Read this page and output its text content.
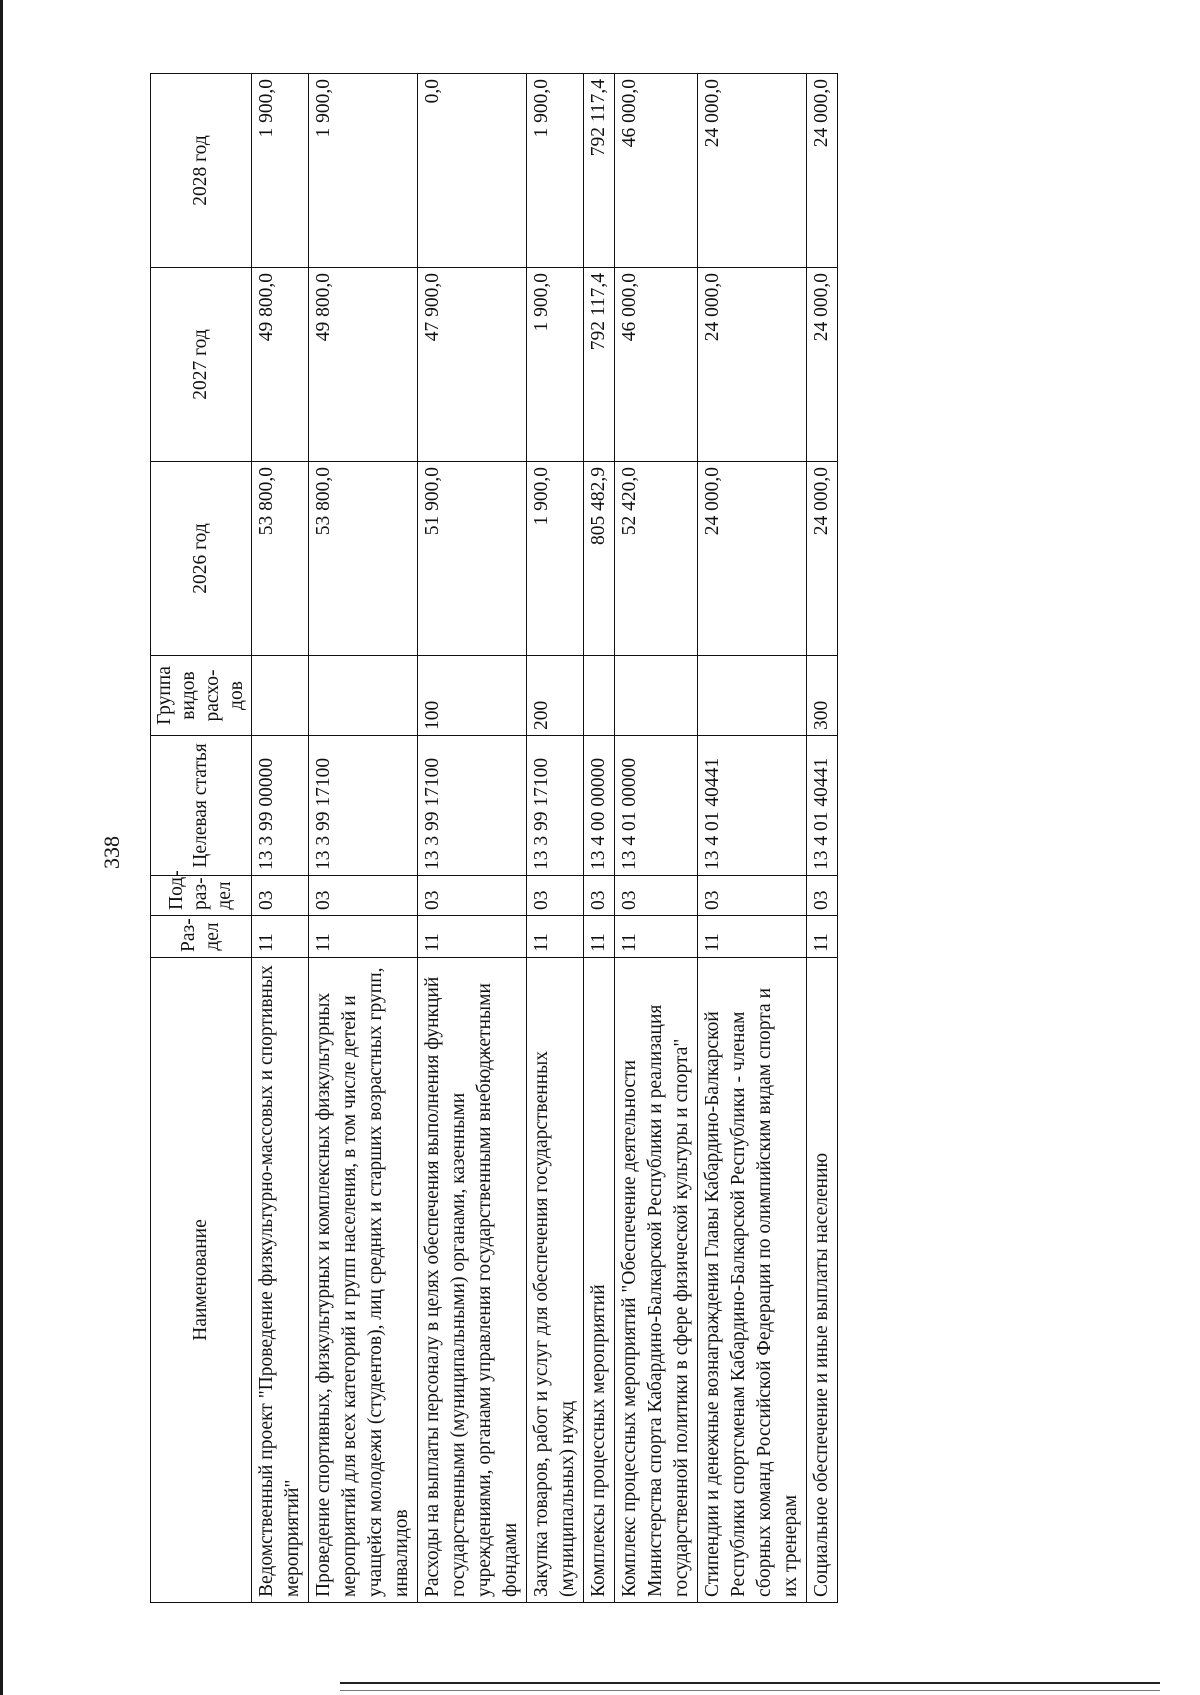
338
Наименование	Раз-дел	Под-раз-дел	Целевая статья	Группа видов расхо-дов	2026 год	2027 год	2028 год
Ведомственный проект "Проведение физкультурно-массовых и спортивных мероприятий"	11	03	13 3 99 00000		53 800,0	49 800,0	1 900,0
Проведение спортивных, физкультурных и комплексных физкультурных мероприятий для всех категорий и групп населения, в том числе детей и учащейся молодежи (студентов), лиц средних и старших возрастных групп, инвалидов	11	03	13 3 99 17100		53 800,0	49 800,0	1 900,0
Расходы на выплаты персоналу в целях обеспечения выполнения функций государственными (муниципальными) органами, казенными учреждениями, органами управления государственными внебюджетными фондами	11	03	13 3 99 17100	100	51 900,0	47 900,0	0,0
Закупка товаров, работ и услуг для обеспечения государственных (муниципальных) нужд	11	03	13 3 99 17100	200	1 900,0	1 900,0	1 900,0
Комплексы процессных мероприятий	11	03	13 4 00 00000		805 482,9	792 117,4	792 117,4
Комплекс процессных мероприятий "Обеспечение деятельности Министерства спорта Кабардино-Балкарской Республики и реализация государственной политики в сфере физической культуры и спорта"	11	03	13 4 01 00000		52 420,0	46 000,0	46 000,0
Стипендии и денежные вознаграждения Главы Кабардино-Балкарской Республики спортсменам Кабардино-Балкарской Республики - членам сборных команд Российской Федерации по олимпийским видам спорта и их тренерам	11	03	13 4 01 40441		24 000,0	24 000,0	24 000,0
Социальное обеспечение и иные выплаты населению	11	03	13 4 01 40441	300	24 000,0	24 000,0	24 000,0
